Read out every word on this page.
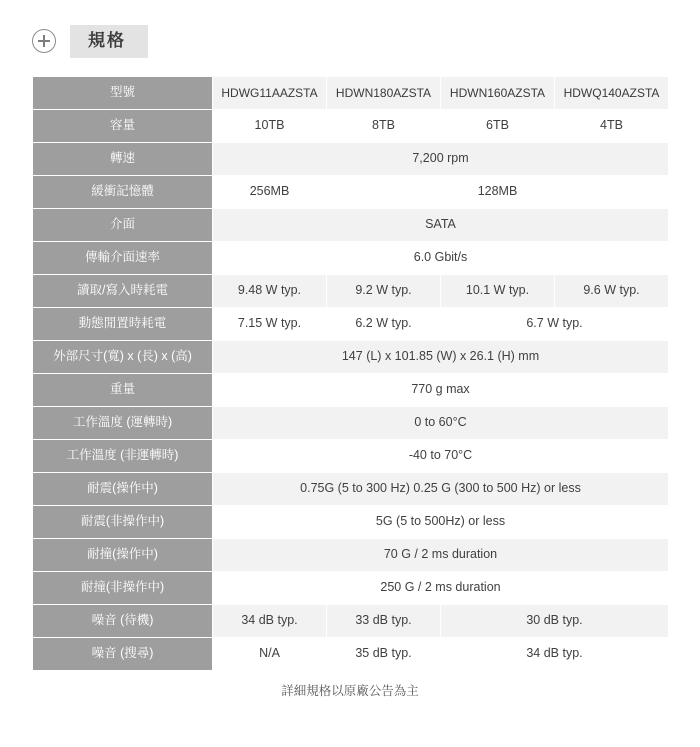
規格
型號	HDWG11AAZSTA	HDWN180AZSTA	HDWN160AZSTA	HDWQ140AZSTA
容量	10TB	8TB	6TB	4TB
轉速	7,200 rpm			
緩衝記憶體	256MB	128MB		
介面	SATA			
傳輸介面速率	6.0 Gbit/s			
讀取/寫入時耗電	9.48 W typ.	9.2 W typ.	10.1 W typ.	9.6 W typ.
動態閒置時耗電	7.15 W typ.	6.2 W typ.	6.7 W typ.	
外部尺寸(寬) x (長) x (高)	147 (L) x 101.85 (W) x 26.1 (H) mm			
重量	770 g max			
工作溫度 (運轉時)	0 to 60°C			
工作溫度 (非運轉時)	-40 to 70°C			
耐震(操作中)	0.75G (5 to 300 Hz) 0.25 G (300 to 500 Hz) or less			
耐震(非操作中)	5G (5 to 500Hz) or less			
耐撞(操作中)	70 G / 2 ms duration			
耐撞(非操作中)	250 G / 2 ms duration			
噪音 (待機)	34 dB typ.	33 dB typ.	30 dB typ.	
噪音 (搜尋)	N/A	35 dB typ.	34 dB typ.	
詳細規格以原廠公告為主
